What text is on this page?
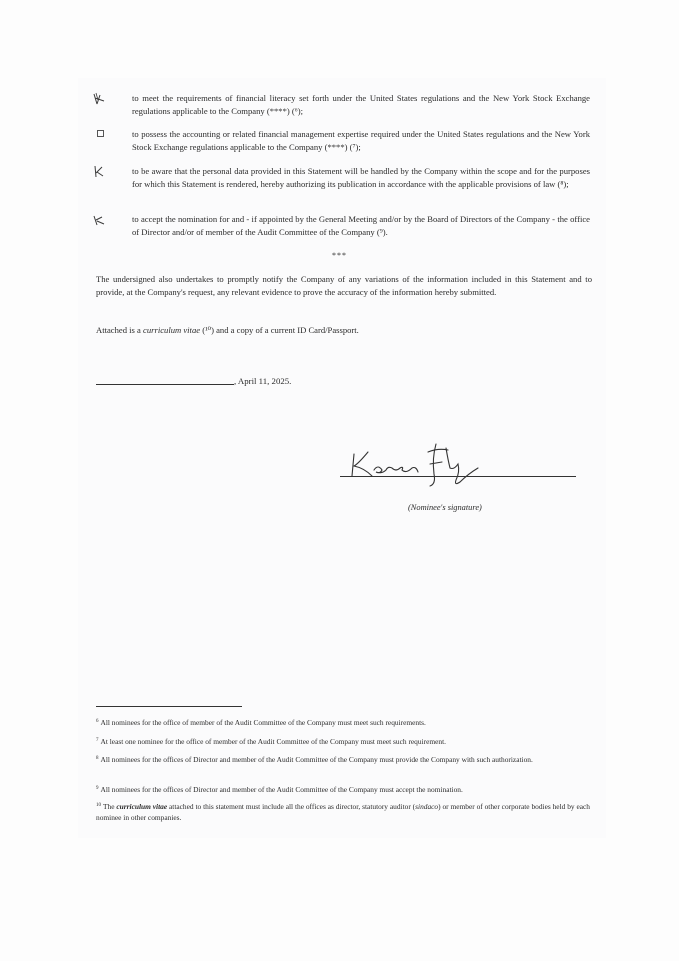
to meet the requirements of financial literacy set forth under the United States regulations and the New York Stock Exchange regulations applicable to the Company (****) (⁶);
to possess the accounting or related financial management expertise required under the United States regulations and the New York Stock Exchange regulations applicable to the Company (****) (⁷);
to be aware that the personal data provided in this Statement will be handled by the Company within the scope and for the purposes for which this Statement is rendered, hereby authorizing its publication in accordance with the applicable provisions of law (⁸);
to accept the nomination for and - if appointed by the General Meeting and/or by the Board of Directors of the Company - the office of Director and/or of member of the Audit Committee of the Company (⁹).
***
The undersigned also undertakes to promptly notify the Company of any variations of the information included in this Statement and to provide, at the Company's request, any relevant evidence to prove the accuracy of the information hereby submitted.
Attached is a curriculum vitae (¹⁰) and a copy of a current ID Card/Passport.
, April 11, 2025.
(Nominee's signature)
$^6$ All nominees for the office of member of the Audit Committee of the Company must meet such requirements.
$^7$ At least one nominee for the office of member of the Audit Committee of the Company must meet such requirement.
$^8$ All nominees for the offices of Director and member of the Audit Committee of the Company must provide the Company with such authorization.
$^9$ All nominees for the offices of Director and member of the Audit Committee of the Company must accept the nomination.
$^{10}$ The curriculum vitae attached to this statement must include all the offices as director, statutory auditor (sindaco) or member of other corporate bodies held by each nominee in other companies.
